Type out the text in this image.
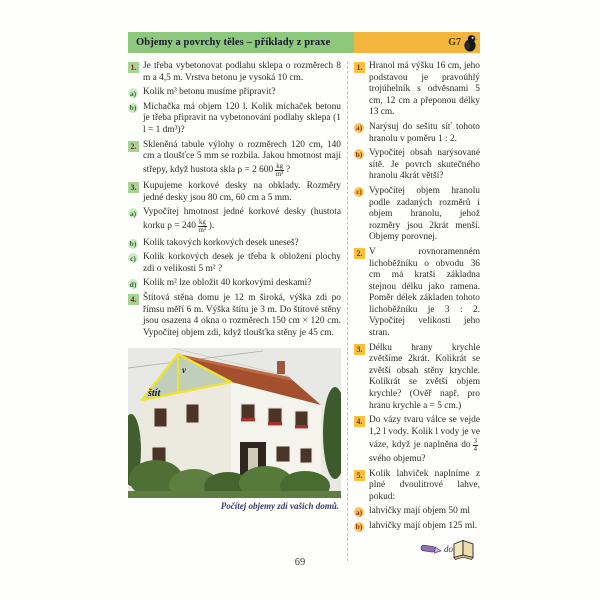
Objemy a povrchy těles – příklady z praxe	G7
1. Je třeba vybetonovat podlahu sklepa o rozměrech 8 m a 4,5 m. Vrstva betonu je vysoká 10 cm.
a) Kolik m³ betonu musíme připravit?
b) Míchačka má objem 120 l. Kolik míchaček betonu je třeba připravit na vybetonování podlahy sklepa (1 l = 1 dm³)?
2. Skleněná tabule výlohy o rozměrech 120 cm, 140 cm a tloušťce 5 mm se rozbila. Jakou hmotnost mají střepy, když hustota skla ρ = 2 $600 \frac{kg}{\text{m³}}$ ?
3. Kupujeme korkové desky na obklady. Rozměry jedné desky jsou 80 cm, 60 cm a 5 mm.
a) Vypočítej hmotnost jedné korkové desky (hustota korku $\rho = 240 \frac{kg}{\text{m³}}$ ).
b) Kolik takových korkových desek uneseš?
c) Kolik korkových desek je třeba k obložení plochy zdi o velikosti 5 m² ?
d) Kolik m² lze obložit 40 korkovými deskami?
4. Štítová stěna domu je 12 m široká, výška zdi po římsu měří 6 m. Výška štítu je 3 m. Do štítové stěny jsou osazena 4 okna o rozměrech 150 cm × 120 cm. Vypočítej objem zdi, když tloušťka stěny je 45 cm.
štít
v
Počítej objemy zdí vašich domů.
1. Hranol má výšku 16 cm, jeho podstavou je pravoúhlý trojúhelník s odvěsnami 5 cm, 12 cm a přeponou délky 13 cm.
a) Narýsuj do sešitu síť tohoto hranolu v poměru 1 : 2.
b) Vypočítej obsah narýsované sítě. Je povrch skutečného hranolu 4krát větší?
c) Vypočítej objem hranolu podle zadaných rozměrů i objem hranolu, jehož rozměry jsou 2krát menší. Objemy porovnej.
2. V rovnoramenném lichoběžníku o obvodu 36 cm má kratší základna stejnou délku jako ramena. Poměr délek základen tohoto lichoběžníku je 3 : 2. Vypočítej velikosti jeho stran.
3. Délku hrany krychle zvětšíme 2krát. Kolikrát se zvětší obsah stěny krychle. Kolikrát se zvětší objem krychle? (Ověř např. pro hranu krychle a = 5 cm.)
4. Do vázy tvaru válce se vejde 1,2 l vody. Kolik l vody je ve váze, když je naplněna do $\frac{3}{4}$
svého objemu?
5. Kolik lahviček naplníme z plné dvoulitrové lahve, pokud:
a) lahvičky mají objem 50 ml
b) lahvičky mají objem 125 ml.
do
69
